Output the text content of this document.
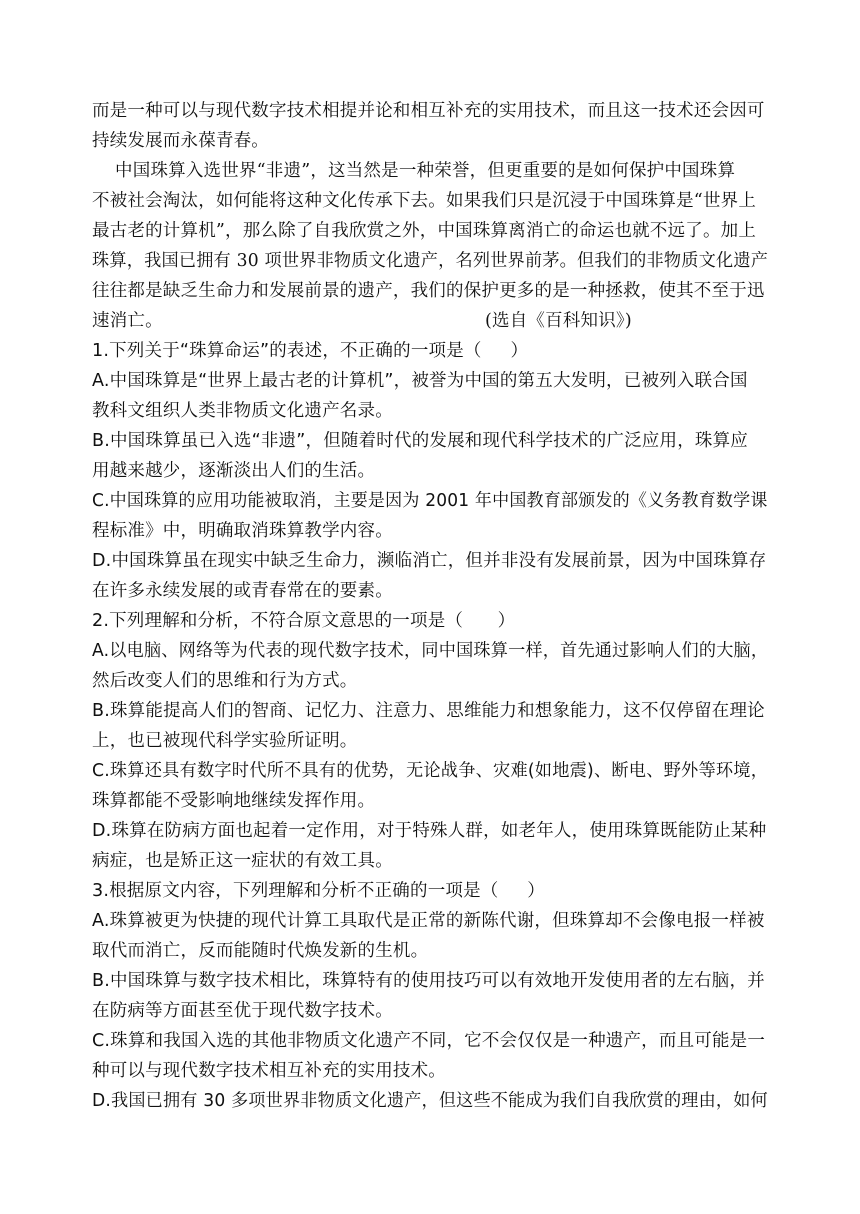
而是一种可以与现代数字技术相提并论和相互补充的实用技术，而且这一技术还会因可
持续发展而永葆青春。
中国珠算入选世界“非遗”，这当然是一种荣誉，但更重要的是如何保护中国珠算
不被社会淘汰，如何能将这种文化传承下去。如果我们只是沉浸于中国珠算是“世界上
最古老的计算机”，那么除了自我欣赏之外，中国珠算离消亡的命运也就不远了。加上
珠算，我国已拥有 30 项世界非物质文化遗产，名列世界前茅。但我们的非物质文化遗产
往往都是缺乏生命力和发展前景的遗产，我们的保护更多的是一种拯救，使其不至于迅
速消亡。	(选自《百科知识》)
1.下列关于“珠算命运”的表述，不正确的一项是（     ）
A.中国珠算是“世界上最古老的计算机”，被誉为中国的第五大发明，已被列入联合国
教科文组织人类非物质文化遗产名录。
B.中国珠算虽已入选“非遗”，但随着时代的发展和现代科学技术的广泛应用，珠算应
用越来越少，逐渐淡出人们的生活。
C.中国珠算的应用功能被取消，主要是因为 2001 年中国教育部颁发的《义务教育数学课
程标准》中，明确取消珠算教学内容。
D.中国珠算虽在现实中缺乏生命力，濒临消亡，但并非没有发展前景，因为中国珠算存
在许多永续发展的或青春常在的要素。
2.下列理解和分析，不符合原文意思的一项是（      ）
A.以电脑、网络等为代表的现代数字技术，同中国珠算一样，首先通过影响人们的大脑，
然后改变人们的思维和行为方式。
B.珠算能提高人们的智商、记忆力、注意力、思维能力和想象能力，这不仅停留在理论
上，也已被现代科学实验所证明。
C.珠算还具有数字时代所不具有的优势，无论战争、灾难(如地震)、断电、野外等环境，
珠算都能不受影响地继续发挥作用。
D.珠算在防病方面也起着一定作用，对于特殊人群，如老年人，使用珠算既能防止某种
病症，也是矫正这一症状的有效工具。
3.根据原文内容，下列理解和分析不正确的一项是（     ）
A.珠算被更为快捷的现代计算工具取代是正常的新陈代谢，但珠算却不会像电报一样被
取代而消亡，反而能随时代焕发新的生机。
B.中国珠算与数字技术相比，珠算特有的使用技巧可以有效地开发使用者的左右脑，并
在防病等方面甚至优于现代数字技术。
C.珠算和我国入选的其他非物质文化遗产不同，它不会仅仅是一种遗产，而且可能是一
种可以与现代数字技术相互补充的实用技术。
D.我国已拥有 30 多项世界非物质文化遗产，但这些不能成为我们自我欣赏的理由，如何
